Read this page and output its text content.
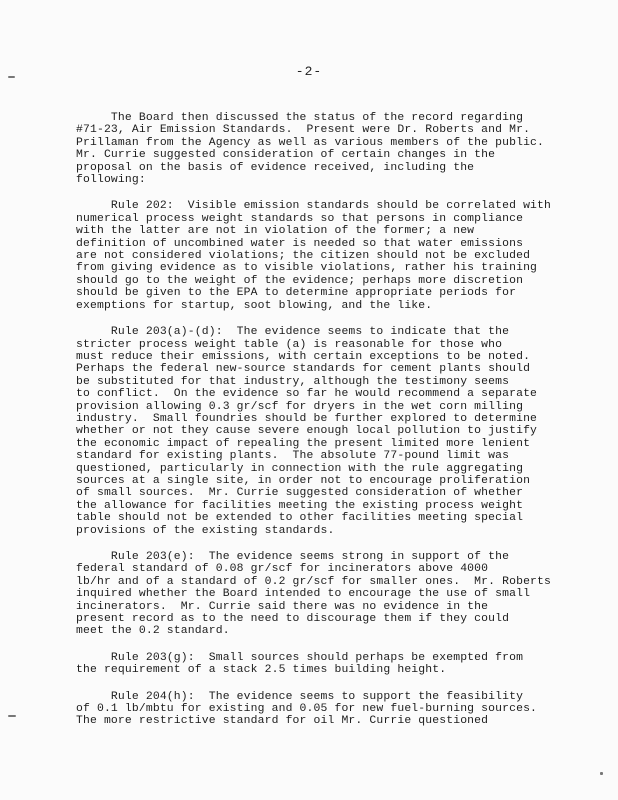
-2-
The Board then discussed the status of the record regarding
#71-23, Air Emission Standards.  Present were Dr. Roberts and Mr.
Prillaman from the Agency as well as various members of the public.
Mr. Currie suggested consideration of certain changes in the
proposal on the basis of evidence received, including the
following:
Rule 202:  Visible emission standards should be correlated with
numerical process weight standards so that persons in compliance
with the latter are not in violation of the former; a new
definition of uncombined water is needed so that water emissions
are not considered violations; the citizen should not be excluded
from giving evidence as to visible violations, rather his training
should go to the weight of the evidence; perhaps more discretion
should be given to the EPA to determine appropriate periods for
exemptions for startup, soot blowing, and the like.
Rule 203(a)-(d):  The evidence seems to indicate that the
stricter process weight table (a) is reasonable for those who
must reduce their emissions, with certain exceptions to be noted.
Perhaps the federal new-source standards for cement plants should
be substituted for that industry, although the testimony seems
to conflict.  On the evidence so far he would recommend a separate
provision allowing 0.3 gr/scf for dryers in the wet corn milling
industry.  Small foundries should be further explored to determine
whether or not they cause severe enough local pollution to justify
the economic impact of repealing the present limited more lenient
standard for existing plants.  The absolute 77-pound limit was
questioned, particularly in connection with the rule aggregating
sources at a single site, in order not to encourage proliferation
of small sources.  Mr. Currie suggested consideration of whether
the allowance for facilities meeting the existing process weight
table should not be extended to other facilities meeting special
provisions of the existing standards.
Rule 203(e):  The evidence seems strong in support of the
federal standard of 0.08 gr/scf for incinerators above 4000
lb/hr and of a standard of 0.2 gr/scf for smaller ones.  Mr. Roberts
inquired whether the Board intended to encourage the use of small
incinerators.  Mr. Currie said there was no evidence in the
present record as to the need to discourage them if they could
meet the 0.2 standard.
Rule 203(g):  Small sources should perhaps be exempted from
the requirement of a stack 2.5 times building height.
Rule 204(h):  The evidence seems to support the feasibility
of 0.1 lb/mbtu for existing and 0.05 for new fuel-burning sources.
The more restrictive standard for oil Mr. Currie questioned
